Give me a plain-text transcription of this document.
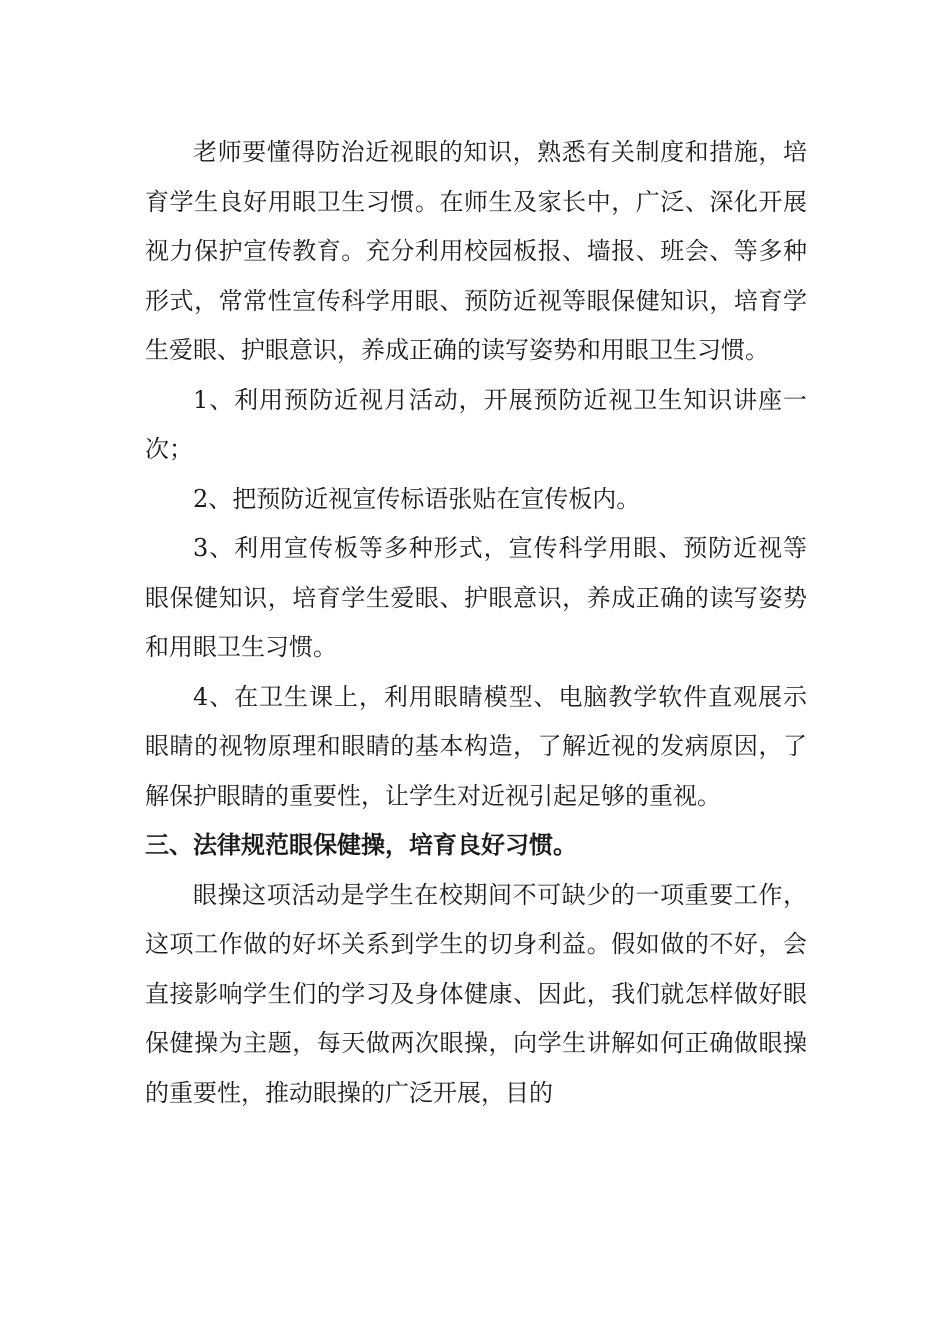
老师要懂得防治近视眼的知识，熟悉有关制度和措施，培育学生良好用眼卫生习惯。在师生及家长中，广泛、深化开展视力保护宣传教育。充分利用校园板报、墙报、班会、等多种形式，常常性宣传科学用眼、预防近视等眼保健知识，培育学生爱眼、护眼意识，养成正确的读写姿势和用眼卫生习惯。

1、利用预防近视月活动，开展预防近视卫生知识讲座一次；

2、把预防近视宣传标语张贴在宣传板内。

3、利用宣传板等多种形式，宣传科学用眼、预防近视等眼保健知识，培育学生爱眼、护眼意识，养成正确的读写姿势和用眼卫生习惯。

4、在卫生课上，利用眼睛模型、电脑教学软件直观展示眼睛的视物原理和眼睛的基本构造，了解近视的发病原因，了解保护眼睛的重要性，让学生对近视引起足够的重视。

三、法律规范眼保健操，培育良好习惯。

眼操这项活动是学生在校期间不可缺少的一项重要工作，这项工作做的好坏关系到学生的切身利益。假如做的不好，会直接影响学生们的学习及身体健康、因此，我们就怎样做好眼保健操为主题，每天做两次眼操，向学生讲解如何正确做眼操的重要性，推动眼操的广泛开展，目的
